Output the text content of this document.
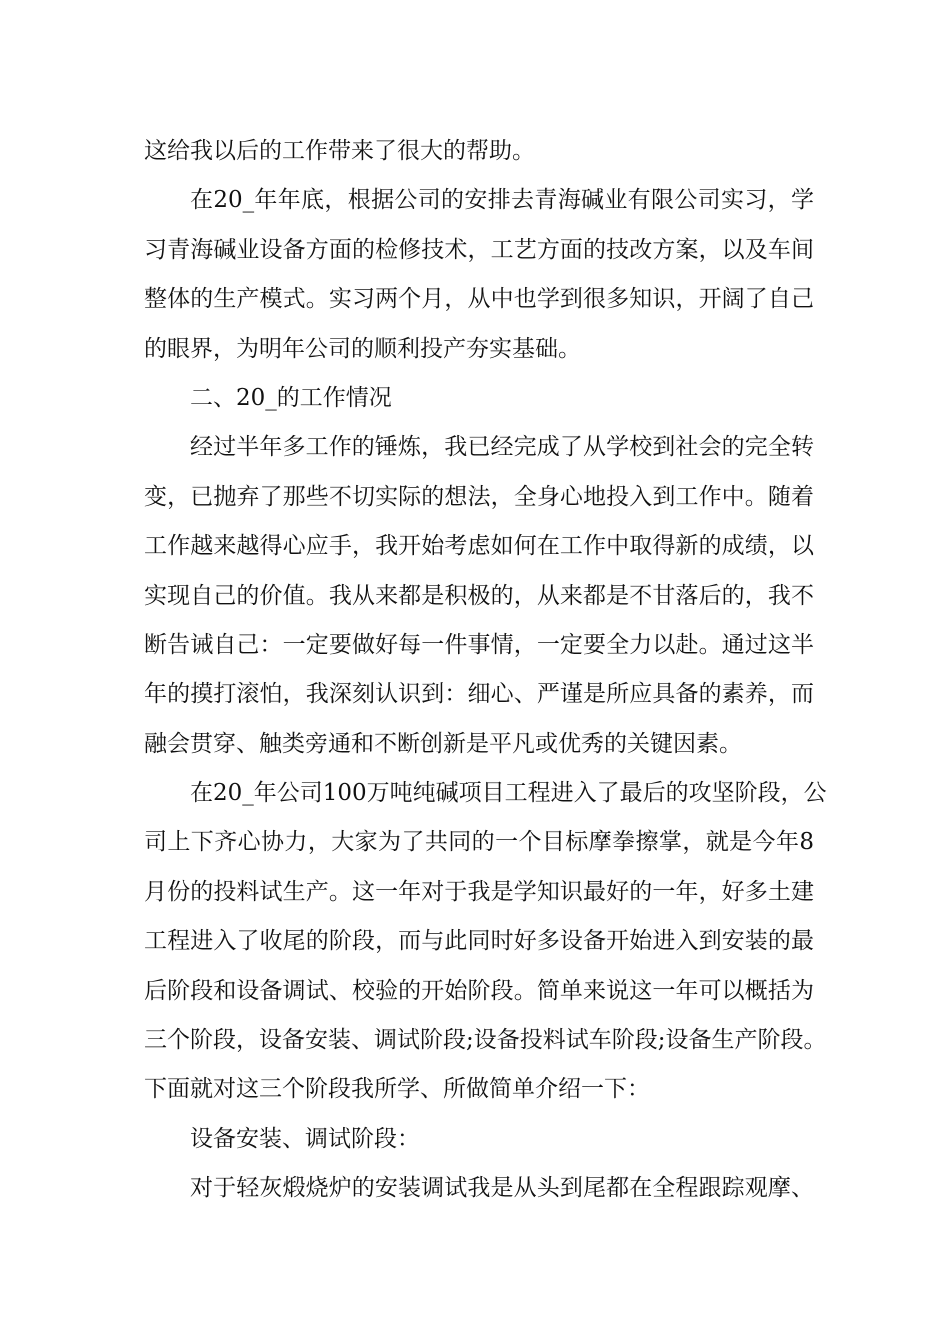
这给我以后的工作带来了很大的帮助。
在20_年年底，根据公司的安排去青海碱业有限公司实习，学
习青海碱业设备方面的检修技术，工艺方面的技改方案，以及车间
整体的生产模式。实习两个月，从中也学到很多知识，开阔了自己
的眼界，为明年公司的顺利投产夯实基础。
二、20_的工作情况
经过半年多工作的锤炼，我已经完成了从学校到社会的完全转
变，已抛弃了那些不切实际的想法，全身心地投入到工作中。随着
工作越来越得心应手，我开始考虑如何在工作中取得新的成绩，以
实现自己的价值。我从来都是积极的，从来都是不甘落后的，我不
断告诫自己：一定要做好每一件事情，一定要全力以赴。通过这半
年的摸打滚怕，我深刻认识到：细心、严谨是所应具备的素养，而
融会贯穿、触类旁通和不断创新是平凡或优秀的关键因素。
在20_年公司100万吨纯碱项目工程进入了最后的攻坚阶段，公
司上下齐心协力，大家为了共同的一个目标摩拳擦掌，就是今年8
月份的投料试生产。这一年对于我是学知识最好的一年，好多土建
工程进入了收尾的阶段，而与此同时好多设备开始进入到安装的最
后阶段和设备调试、校验的开始阶段。简单来说这一年可以概括为
三个阶段，设备安装、调试阶段;设备投料试车阶段;设备生产阶段。
下面就对这三个阶段我所学、所做简单介绍一下：
设备安装、调试阶段：
对于轻灰煅烧炉的安装调试我是从头到尾都在全程跟踪观摩、
